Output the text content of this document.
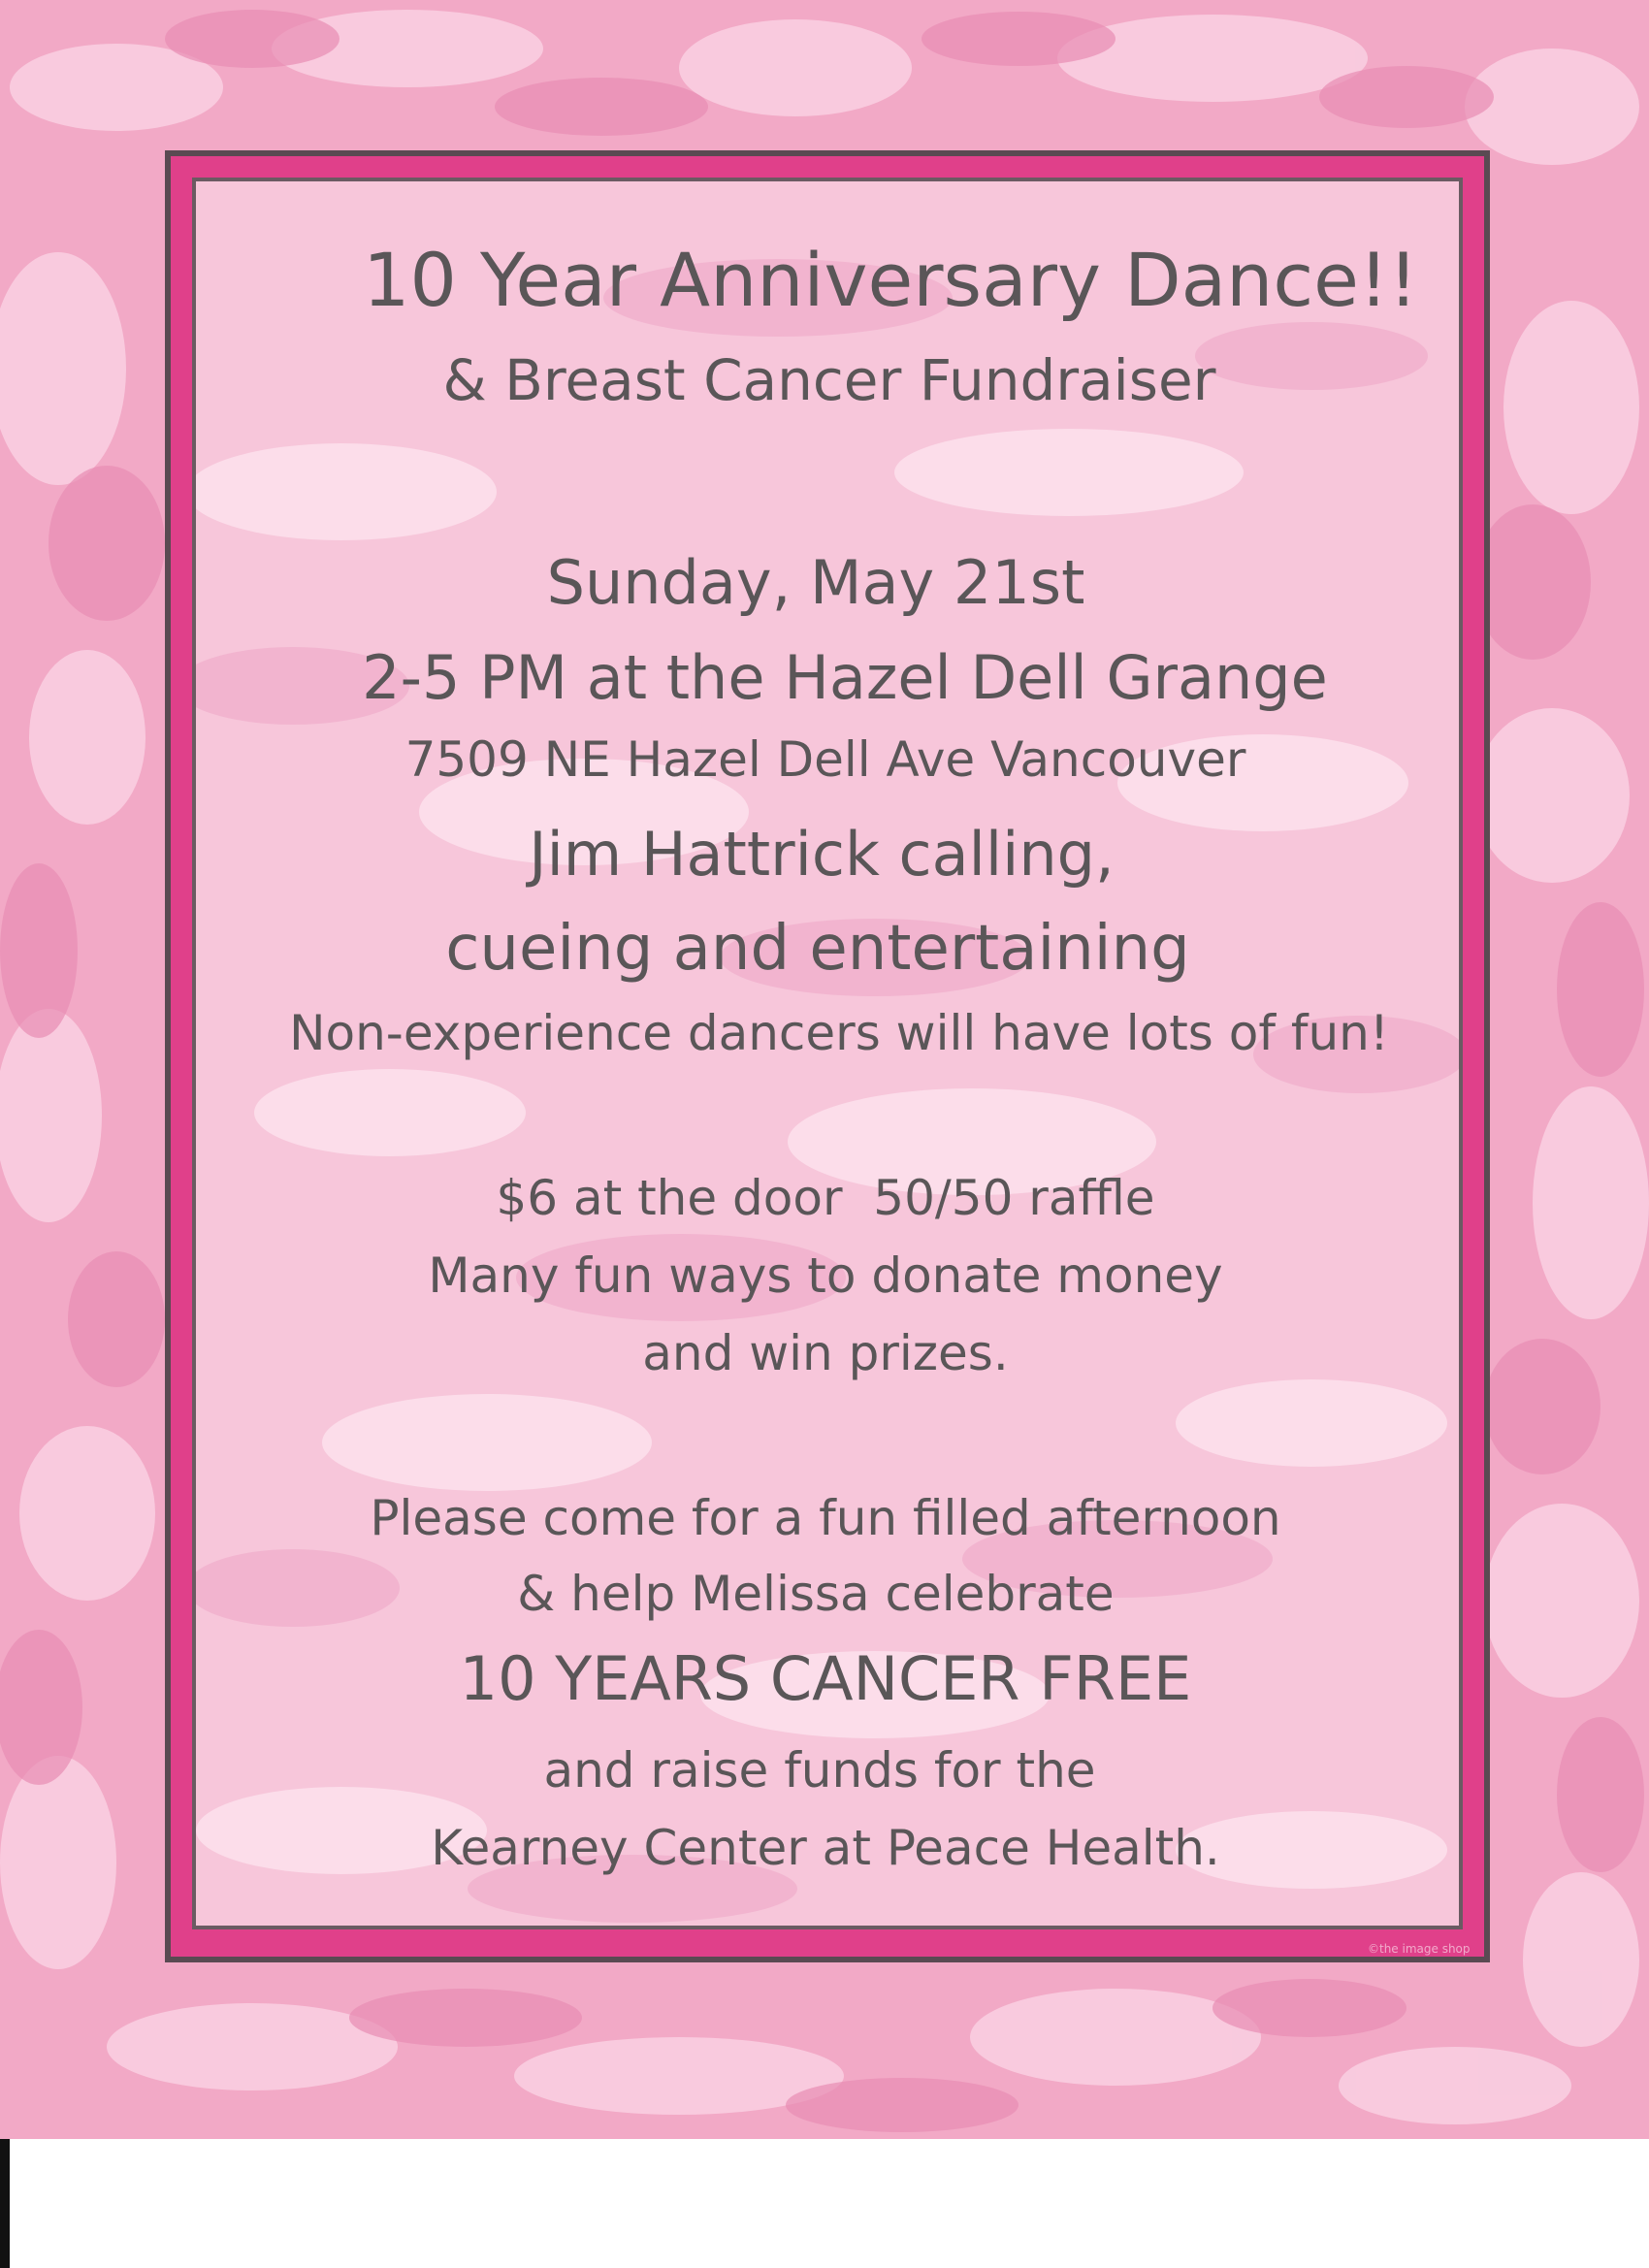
10 Year Anniversary Dance!!
& Breast Cancer Fundraiser
Sunday, May 21st
2-5 PM at the Hazel Dell Grange
7509 NE Hazel Dell Ave Vancouver
Jim Hattrick calling,
cueing and entertaining
Non-experience dancers will have lots of fun!
$6 at the door  50/50 raffle
Many fun ways to donate money
and win prizes.
Please come for a fun filled afternoon
& help Melissa celebrate
10 YEARS CANCER FREE
and raise funds for the
Kearney Center at Peace Health.
©the image shop
